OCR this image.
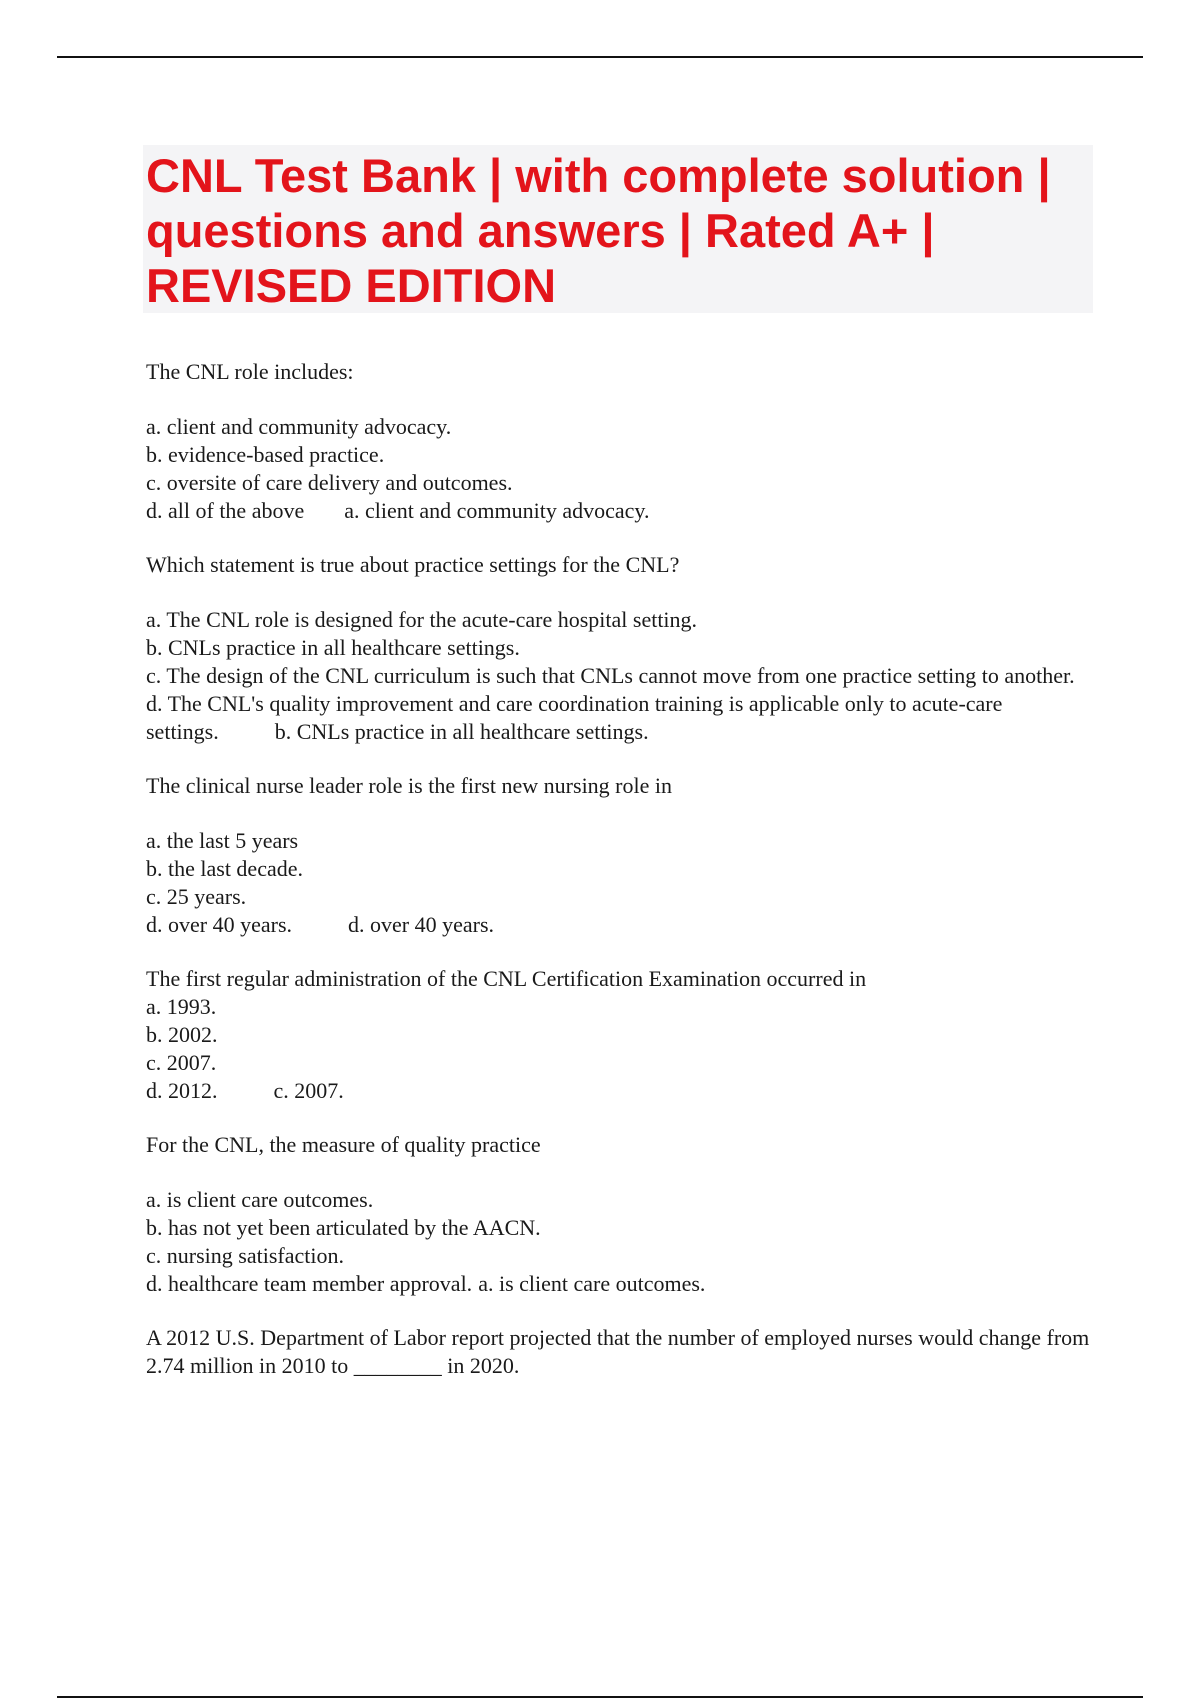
CNL Test Bank | with complete solution | questions and answers | Rated A+ | REVISED EDITION

The CNL role includes:

a. client and community advocacy.

b. evidence-based practice.

c. oversite of care delivery and outcomes.

d. all of the above a. client and community advocacy.

Which statement is true about practice settings for the CNL?

a. The CNL role is designed for the acute-care hospital setting.

b. CNLs practice in all healthcare settings.

c. The design of the CNL curriculum is such that CNLs cannot move from one practice setting to another.

d. The CNL's quality improvement and care coordination training is applicable only to acute-care settings.	b. CNLs practice in all healthcare settings.

The clinical nurse leader role is the first new nursing role in

a. the last 5 years

b. the last decade.

c. 25 years.

d. over 40 years.	d. over 40 years.

The first regular administration of the CNL Certification Examination occurred in

a. 1993.

b. 2002.

c. 2007.

d. 2012.	c. 2007.

For the CNL, the measure of quality practice

a. is client care outcomes.

b. has not yet been articulated by the AACN.

c. nursing satisfaction.

d. healthcare team member approval. a. is client care outcomes.

A 2012 U.S. Department of Labor report projected that the number of employed nurses would change from 2.74 million in 2010 to ________ in 2020.
